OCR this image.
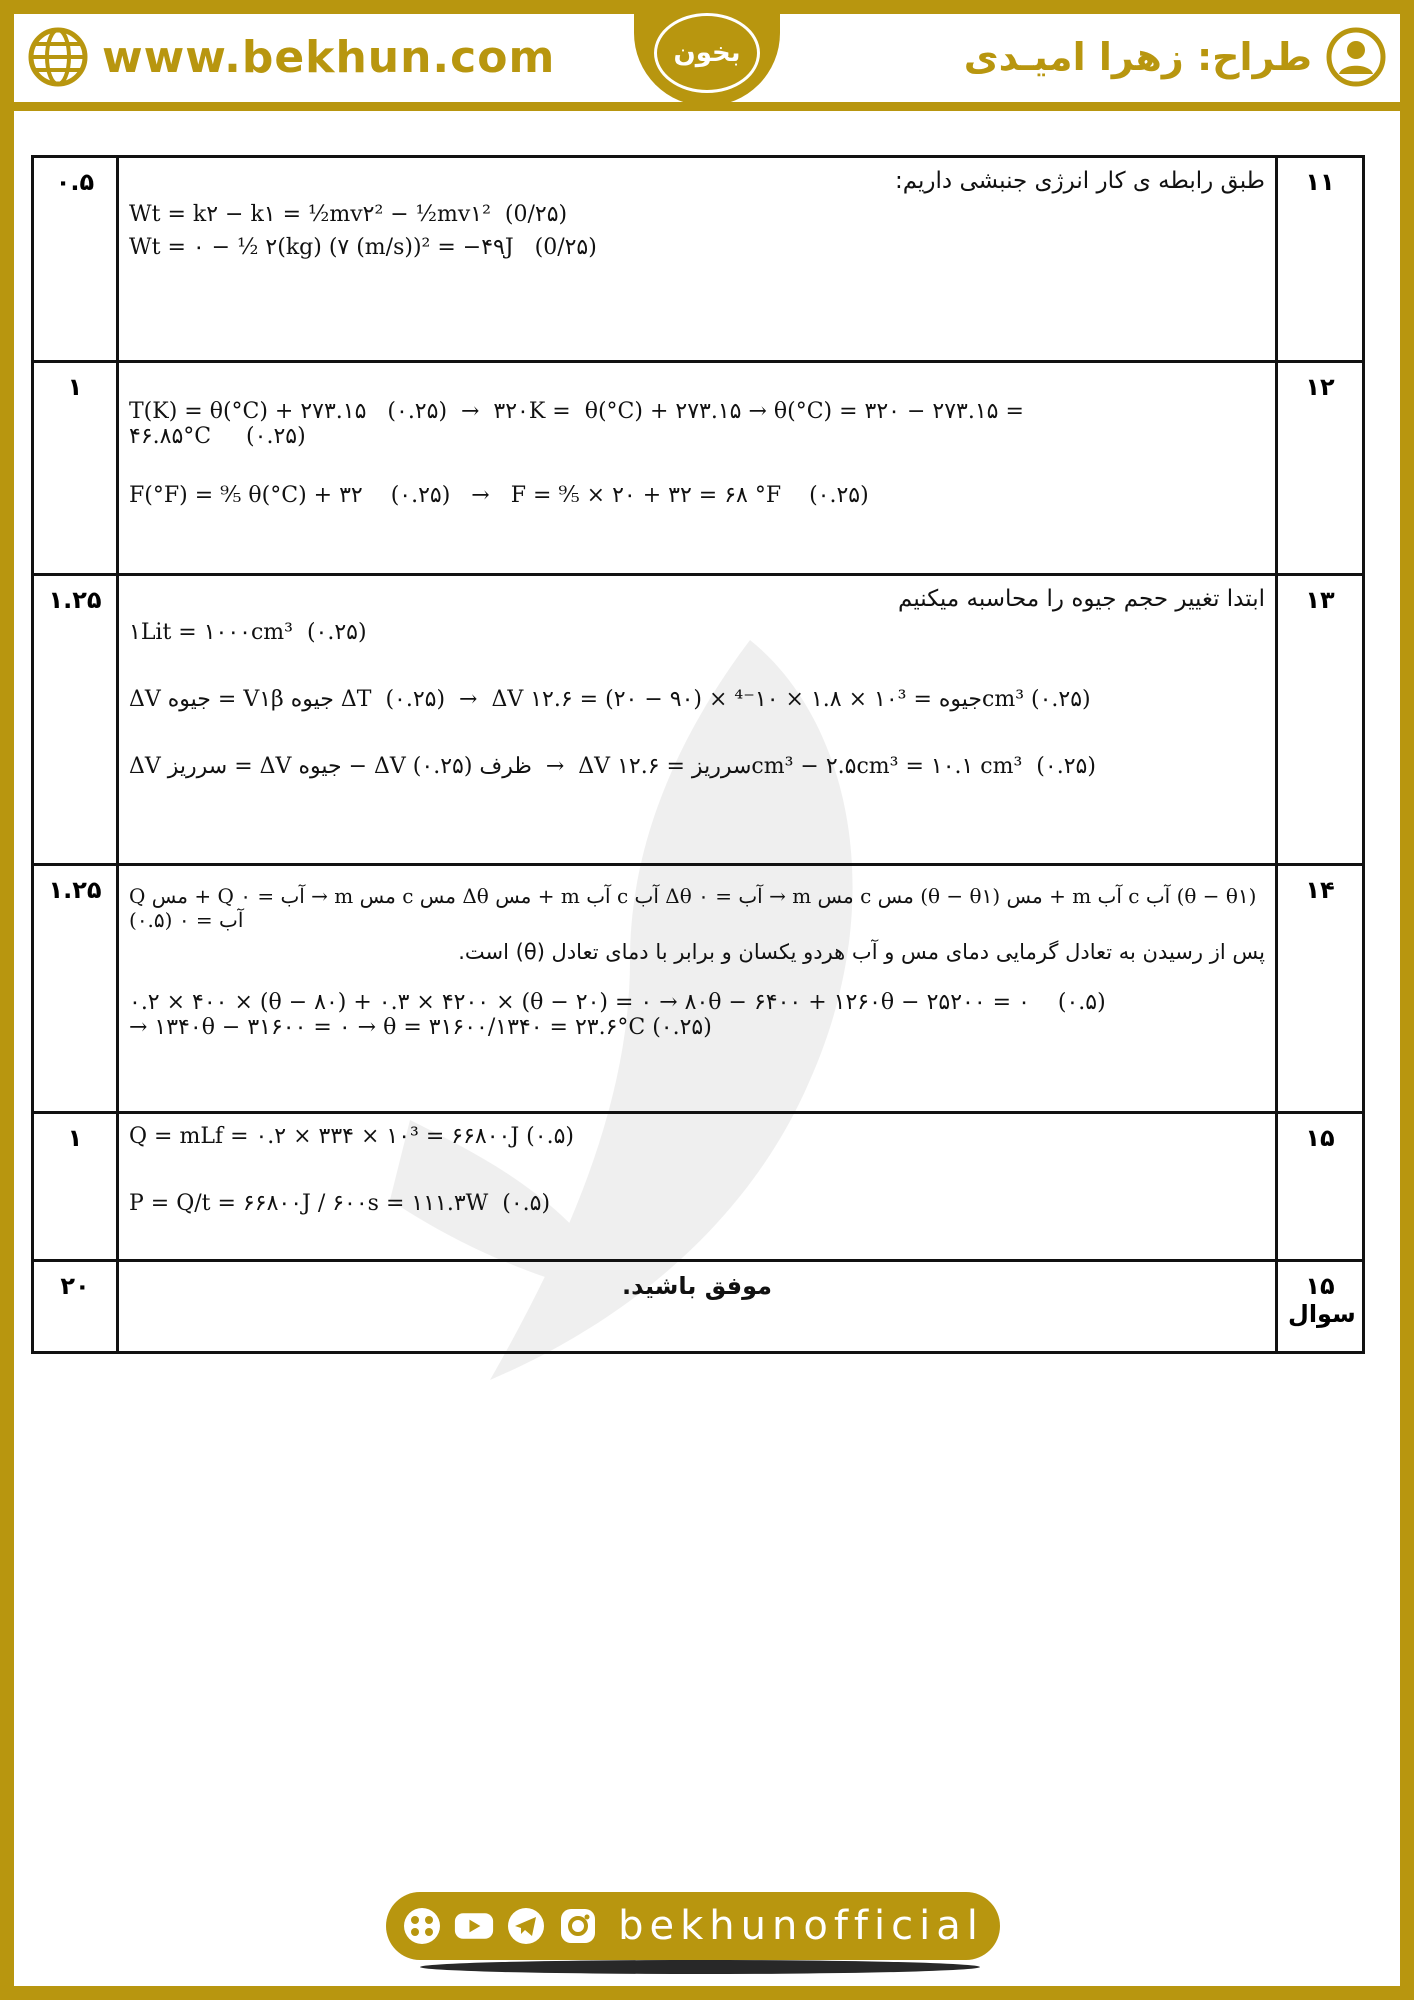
www.bekhun.com	بخون	طراح: زهرا امیـدی
۰.۵	طبق رابطه ی کار انرژی جنبشی داریم:
Wt = k۲ − k۱ = ½mv۲² − ½mv۱²  (0/۲۵)
Wt = ۰ − ½ ۲(kg) (۷ (m/s))² = −۴۹J   (0/۲۵)	۱۱
۱	T(K) = θ(°C) + ۲۷۳.۱۵   (۰.۲۵)  →  ۳۲۰K =  θ(°C) + ۲۷۳.۱۵ → θ(°C) = ۳۲۰ − ۲۷۳.۱۵ =
۴۶.۸۵°C     (۰.۲۵)
F(°F) = ⁹⁄₅ θ(°C) + ۳۲    (۰.۲۵)   →   F = ⁹⁄₅ × ۲۰ + ۳۲ = ۶۸ °F    (۰.۲۵)	۱۲
۱.۲۵	ابتدا تغییر حجم جیوه را محاسبه میکنیم
۱Lit = ۱۰۰۰cm³  (۰.۲۵)
ΔV جیوه = V۱β جیوه ΔT  (۰.۲۵)  →  ΔV جیوه = ۱۰³ × ۱.۸ × ۱۰⁻⁴ × (۹۰ − ۲۰) = ۱۲.۶cm³ (۰.۲۵)
ΔV سرریز = ΔV جیوه − ΔV ظرف (۰.۲۵)  →  ΔV سرریز = ۱۲.۶cm³ − ۲.۵cm³ = ۱۰.۱ cm³  (۰.۲۵)	۱۳
۱.۲۵	Q مس + Q آب = ۰ → m مس c مس Δθ مس + m آب c آب Δθ آب = ۰ → m مس c مس (θ − θ۱) مس + m آب c آب (θ − θ۱) آب = ۰ (۰.۵)
پس از رسیدن به تعادل گرمایی دمای مس و آب هردو یکسان و برابر با دمای تعادل (θ) است.
۰.۲ × ۴۰۰ × (θ − ۸۰) + ۰.۳ × ۴۲۰۰ × (θ − ۲۰) = ۰ → ۸۰θ − ۶۴۰۰ + ۱۲۶۰θ − ۲۵۲۰۰ = ۰    (۰.۵)
→ ۱۳۴۰θ − ۳۱۶۰۰ = ۰ → θ = ۳۱۶۰۰/۱۳۴۰ = ۲۳.۶°C (۰.۲۵)	۱۴
۱	Q = mLf = ۰.۲ × ۳۳۴ × ۱۰³ = ۶۶۸۰۰J (۰.۵)
P = Q/t = ۶۶۸۰۰J / ۶۰۰s = ۱۱۱.۳W  (۰.۵)	۱۵
۲۰	موفق باشید.	۱۵
سوال
bekhunofficial
